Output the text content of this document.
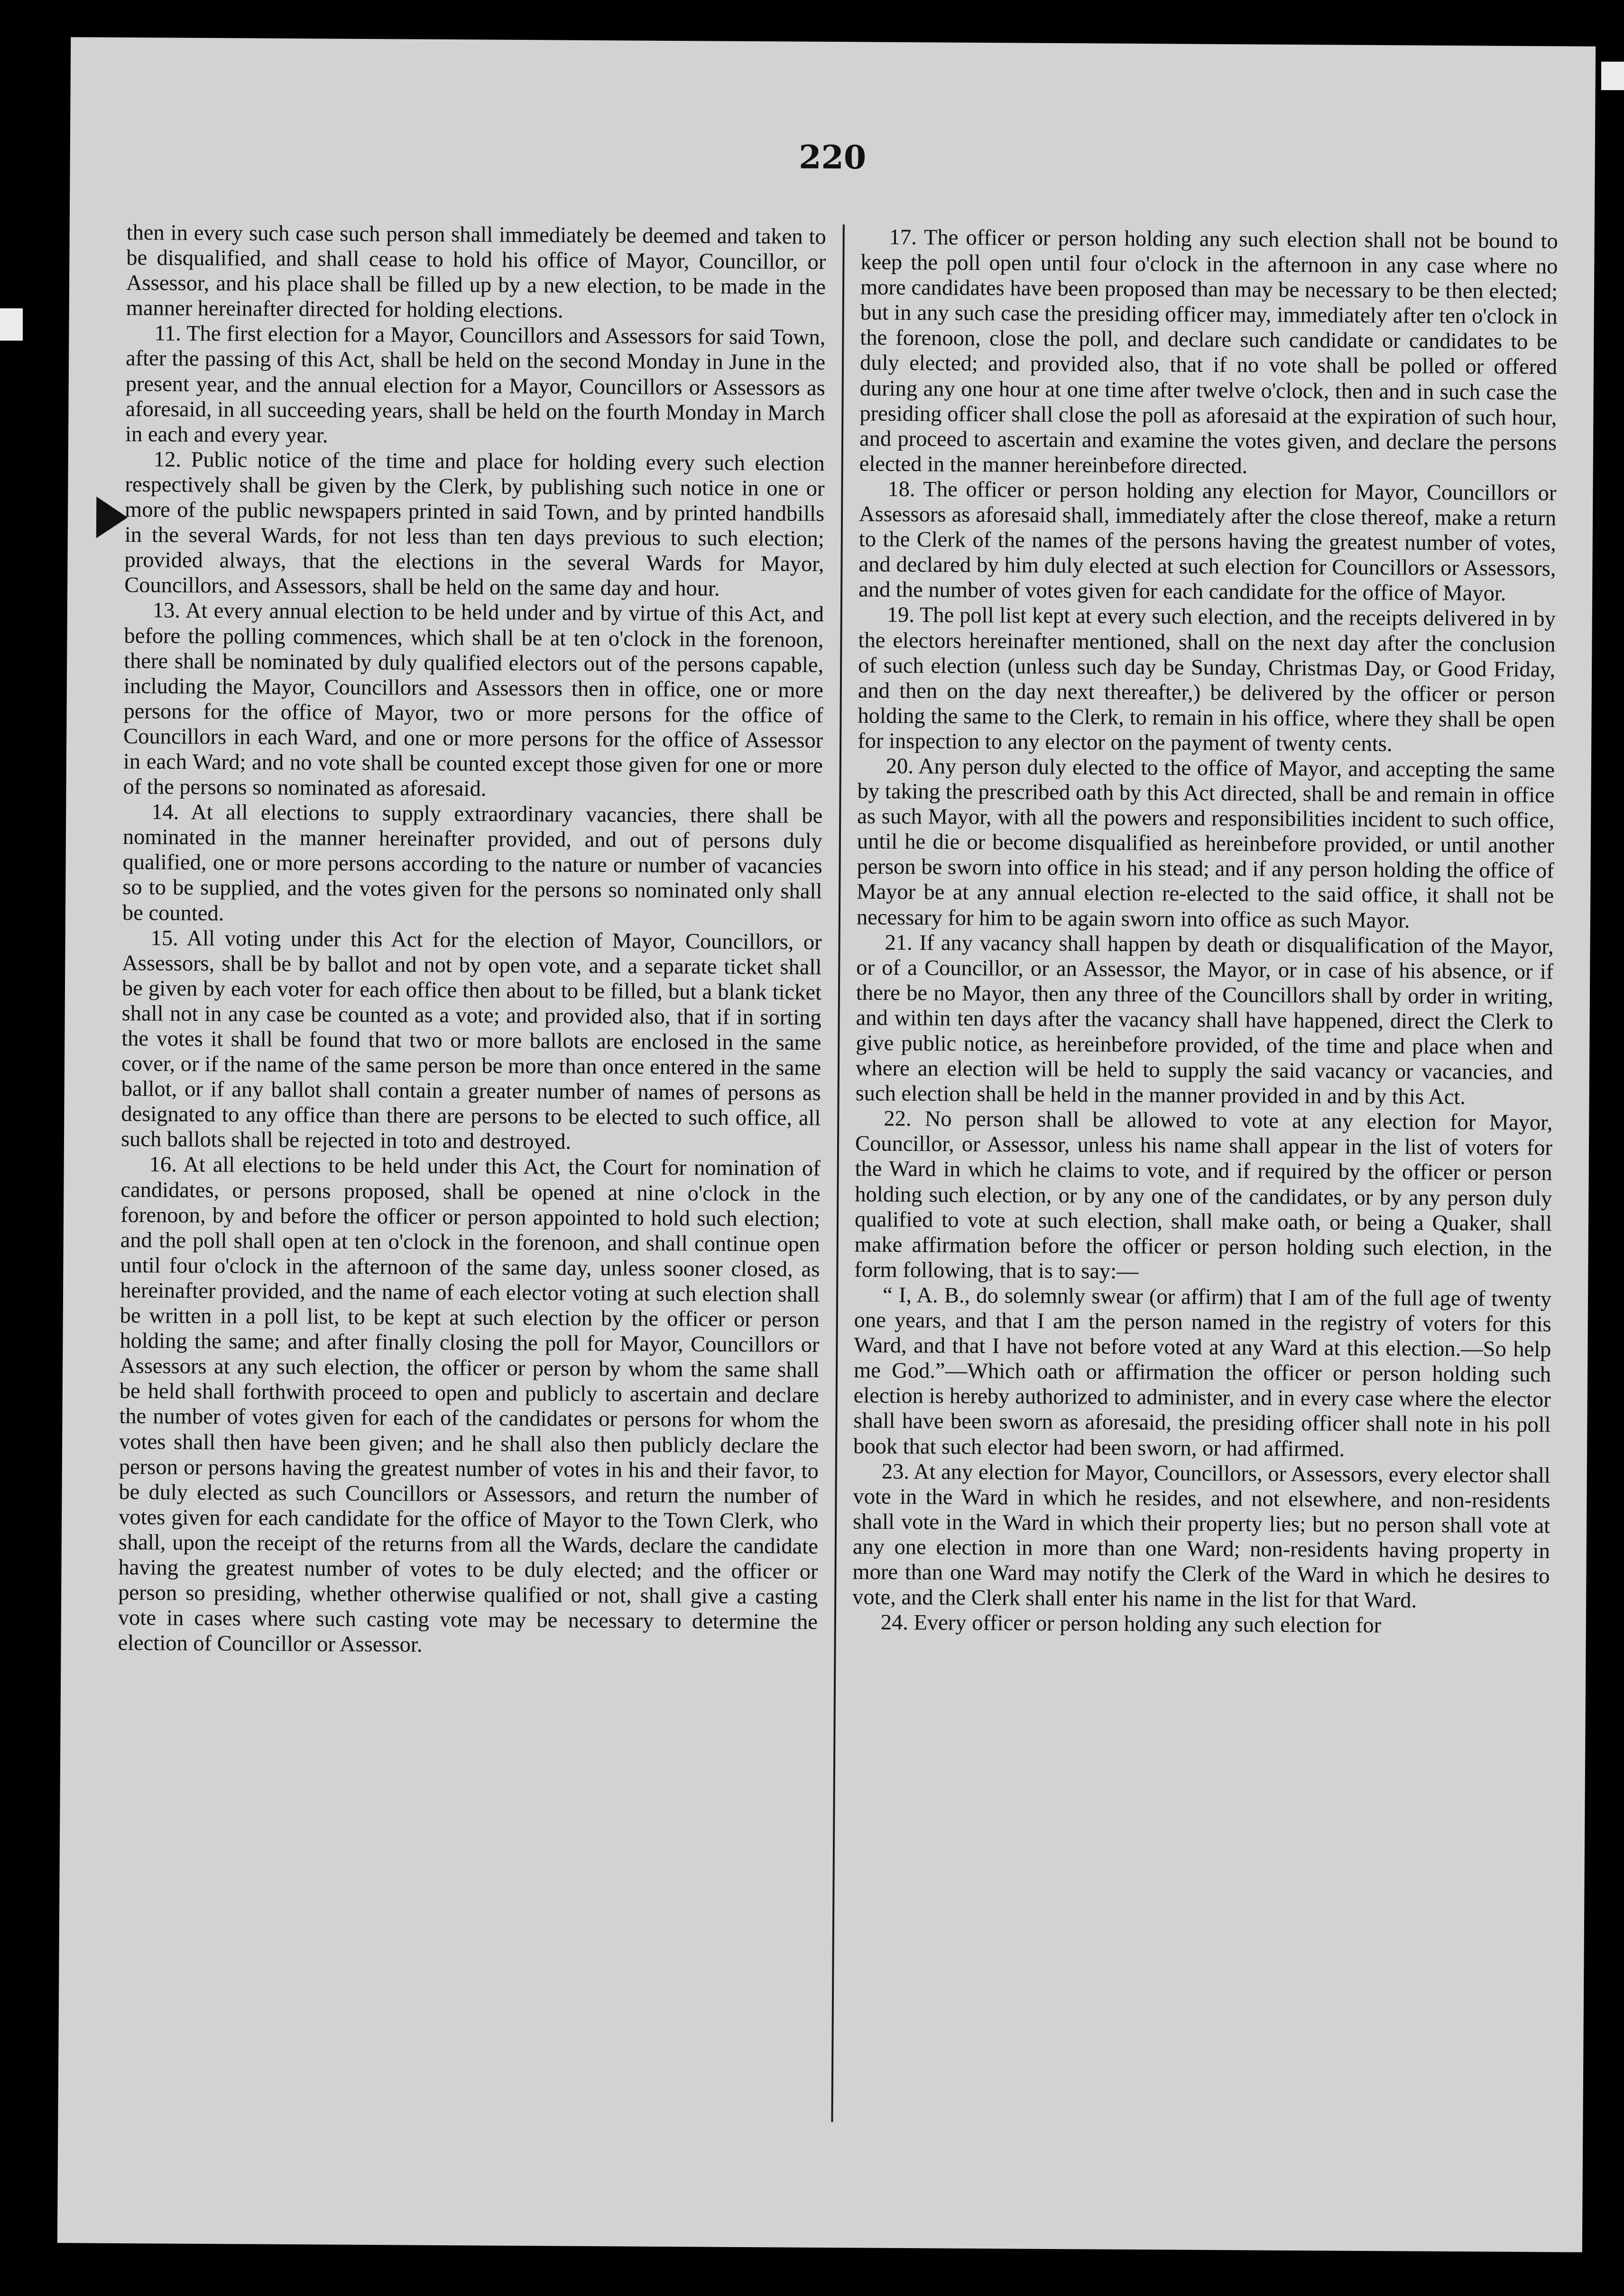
220

then in every such case such person shall immediately be deemed and taken to be disqualified, and shall cease to hold his office of Mayor, Councillor, or Assessor, and his place shall be filled up by a new election, to be made in the manner hereinafter directed for holding elections.

11. The first election for a Mayor, Councillors and Assessors for said Town, after the passing of this Act, shall be held on the second Monday in June in the present year, and the annual election for a Mayor, Councillors or Assessors as aforesaid, in all succeeding years, shall be held on the fourth Monday in March in each and every year.

12. Public notice of the time and place for holding every such election respectively shall be given by the Clerk, by publishing such notice in one or more of the public newspapers printed in said Town, and by printed handbills in the several Wards, for not less than ten days previous to such election; provided always, that the elections in the several Wards for Mayor, Councillors, and Assessors, shall be held on the same day and hour.

13. At every annual election to be held under and by virtue of this Act, and before the polling commences, which shall be at ten o'clock in the forenoon, there shall be nominated by duly qualified electors out of the persons capable, including the Mayor, Councillors and Assessors then in office, one or more persons for the office of Mayor, two or more persons for the office of Councillors in each Ward, and one or more persons for the office of Assessor in each Ward; and no vote shall be counted except those given for one or more of the persons so nominated as aforesaid.

14. At all elections to supply extraordinary vacancies, there shall be nominated in the manner hereinafter provided, and out of persons duly qualified, one or more persons according to the nature or number of vacancies so to be supplied, and the votes given for the persons so nominated only shall be counted.

15. All voting under this Act for the election of Mayor, Councillors, or Assessors, shall be by ballot and not by open vote, and a separate ticket shall be given by each voter for each office then about to be filled, but a blank ticket shall not in any case be counted as a vote; and provided also, that if in sorting the votes it shall be found that two or more ballots are enclosed in the same cover, or if the name of the same person be more than once entered in the same ballot, or if any ballot shall contain a greater number of names of persons as designated to any office than there are persons to be elected to such office, all such ballots shall be rejected in toto and destroyed.

16. At all elections to be held under this Act, the Court for nomination of candidates, or persons proposed, shall be opened at nine o'clock in the forenoon, by and before the officer or person appointed to hold such election; and the poll shall open at ten o'clock in the forenoon, and shall continue open until four o'clock in the afternoon of the same day, unless sooner closed, as hereinafter provided, and the name of each elector voting at such election shall be written in a poll list, to be kept at such election by the officer or person holding the same; and after finally closing the poll for Mayor, Councillors or Assessors at any such election, the officer or person by whom the same shall be held shall forthwith proceed to open and publicly to ascertain and declare the number of votes given for each of the candidates or persons for whom the votes shall then have been given; and he shall also then publicly declare the person or persons having the greatest number of votes in his and their favor, to be duly elected as such Councillors or Assessors, and return the number of votes given for each candidate for the office of Mayor to the Town Clerk, who shall, upon the receipt of the returns from all the Wards, declare the candidate having the greatest number of votes to be duly elected; and the officer or person so presiding, whether otherwise qualified or not, shall give a casting vote in cases where such casting vote may be necessary to determine the election of Councillor or Assessor.

17. The officer or person holding any such election shall not be bound to keep the poll open until four o'clock in the afternoon in any case where no more candidates have been proposed than may be necessary to be then elected; but in any such case the presiding officer may, immediately after ten o'clock in the forenoon, close the poll, and declare such candidate or candidates to be duly elected; and provided also, that if no vote shall be polled or offered during any one hour at one time after twelve o'clock, then and in such case the presiding officer shall close the poll as aforesaid at the expiration of such hour, and proceed to ascertain and examine the votes given, and declare the persons elected in the manner hereinbefore directed.

18. The officer or person holding any election for Mayor, Councillors or Assessors as aforesaid shall, immediately after the close thereof, make a return to the Clerk of the names of the persons having the greatest number of votes, and declared by him duly elected at such election for Councillors or Assessors, and the number of votes given for each candidate for the office of Mayor.

19. The poll list kept at every such election, and the receipts delivered in by the electors hereinafter mentioned, shall on the next day after the conclusion of such election (unless such day be Sunday, Christmas Day, or Good Friday, and then on the day next thereafter,) be delivered by the officer or person holding the same to the Clerk, to remain in his office, where they shall be open for inspection to any elector on the payment of twenty cents.

20. Any person duly elected to the office of Mayor, and accepting the same by taking the prescribed oath by this Act directed, shall be and remain in office as such Mayor, with all the powers and responsibilities incident to such office, until he die or become disqualified as hereinbefore provided, or until another person be sworn into office in his stead; and if any person holding the office of Mayor be at any annual election re-elected to the said office, it shall not be necessary for him to be again sworn into office as such Mayor.

21. If any vacancy shall happen by death or disqualification of the Mayor, or of a Councillor, or an Assessor, the Mayor, or in case of his absence, or if there be no Mayor, then any three of the Councillors shall by order in writing, and within ten days after the vacancy shall have happened, direct the Clerk to give public notice, as hereinbefore provided, of the time and place when and where an election will be held to supply the said vacancy or vacancies, and such election shall be held in the manner provided in and by this Act.

22. No person shall be allowed to vote at any election for Mayor, Councillor, or Assessor, unless his name shall appear in the list of voters for the Ward in which he claims to vote, and if required by the officer or person holding such election, or by any one of the candidates, or by any person duly qualified to vote at such election, shall make oath, or being a Quaker, shall make affirmation before the officer or person holding such election, in the form following, that is to say:—

“ I, A. B., do solemnly swear (or affirm) that I am of the full age of twenty one years, and that I am the person named in the registry of voters for this Ward, and that I have not before voted at any Ward at this election.—So help me God.”—Which oath or affirmation the officer or person holding such election is hereby authorized to administer, and in every case where the elector shall have been sworn as aforesaid, the presiding officer shall note in his poll book that such elector had been sworn, or had affirmed.

23. At any election for Mayor, Councillors, or Assessors, every elector shall vote in the Ward in which he resides, and not elsewhere, and non-residents shall vote in the Ward in which their property lies; but no person shall vote at any one election in more than one Ward; non-residents having property in more than one Ward may notify the Clerk of the Ward in which he desires to vote, and the Clerk shall enter his name in the list for that Ward.

24. Every officer or person holding any such election for
